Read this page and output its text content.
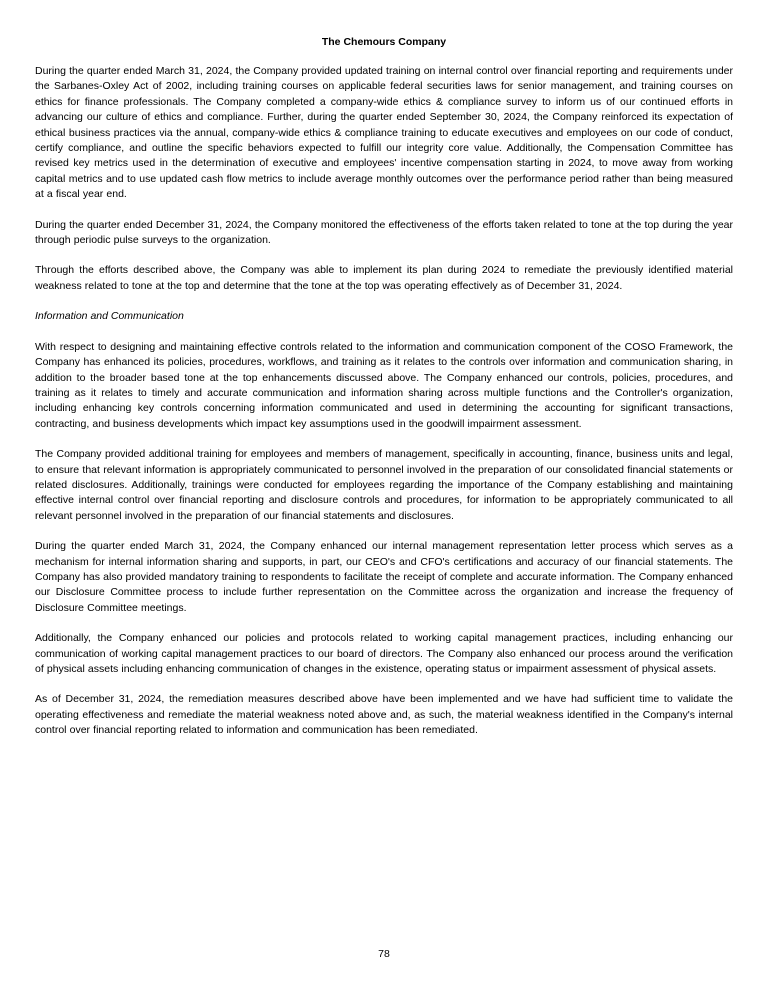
The Chemours Company

During the quarter ended March 31, 2024, the Company provided updated training on internal control over financial reporting and requirements under the Sarbanes-Oxley Act of 2002, including training courses on applicable federal securities laws for senior management, and training courses on ethics for finance professionals. The Company completed a company-wide ethics & compliance survey to inform us of our continued efforts in advancing our culture of ethics and compliance. Further, during the quarter ended September 30, 2024, the Company reinforced its expectation of ethical business practices via the annual, company-wide ethics & compliance training to educate executives and employees on our code of conduct, certify compliance, and outline the specific behaviors expected to fulfill our integrity core value. Additionally, the Compensation Committee has revised key metrics used in the determination of executive and employees' incentive compensation starting in 2024, to move away from working capital metrics and to use updated cash flow metrics to include average monthly outcomes over the performance period rather than being measured at a fiscal year end.

During the quarter ended December 31, 2024, the Company monitored the effectiveness of the efforts taken related to tone at the top during the year through periodic pulse surveys to the organization.

Through the efforts described above, the Company was able to implement its plan during 2024 to remediate the previously identified material weakness related to tone at the top and determine that the tone at the top was operating effectively as of December 31, 2024.

Information and Communication

With respect to designing and maintaining effective controls related to the information and communication component of the COSO Framework, the Company has enhanced its policies, procedures, workflows, and training as it relates to the controls over information and communication sharing, in addition to the broader based tone at the top enhancements discussed above. The Company enhanced our controls, policies, procedures, and training as it relates to timely and accurate communication and information sharing across multiple functions and the Controller's organization, including enhancing key controls concerning information communicated and used in determining the accounting for significant transactions, contracting, and business developments which impact key assumptions used in the goodwill impairment assessment.

The Company provided additional training for employees and members of management, specifically in accounting, finance, business units and legal, to ensure that relevant information is appropriately communicated to personnel involved in the preparation of our consolidated financial statements or related disclosures. Additionally, trainings were conducted for employees regarding the importance of the Company establishing and maintaining effective internal control over financial reporting and disclosure controls and procedures, for information to be appropriately communicated to all relevant personnel involved in the preparation of our financial statements and disclosures.

During the quarter ended March 31, 2024, the Company enhanced our internal management representation letter process which serves as a mechanism for internal information sharing and supports, in part, our CEO's and CFO's certifications and accuracy of our financial statements. The Company has also provided mandatory training to respondents to facilitate the receipt of complete and accurate information. The Company enhanced our Disclosure Committee process to include further representation on the Committee across the organization and increase the frequency of Disclosure Committee meetings.

Additionally, the Company enhanced our policies and protocols related to working capital management practices, including enhancing our communication of working capital management practices to our board of directors. The Company also enhanced our process around the verification of physical assets including enhancing communication of changes in the existence, operating status or impairment assessment of physical assets.

As of December 31, 2024, the remediation measures described above have been implemented and we have had sufficient time to validate the operating effectiveness and remediate the material weakness noted above and, as such, the material weakness identified in the Company's internal control over financial reporting related to information and communication has been remediated.

78
